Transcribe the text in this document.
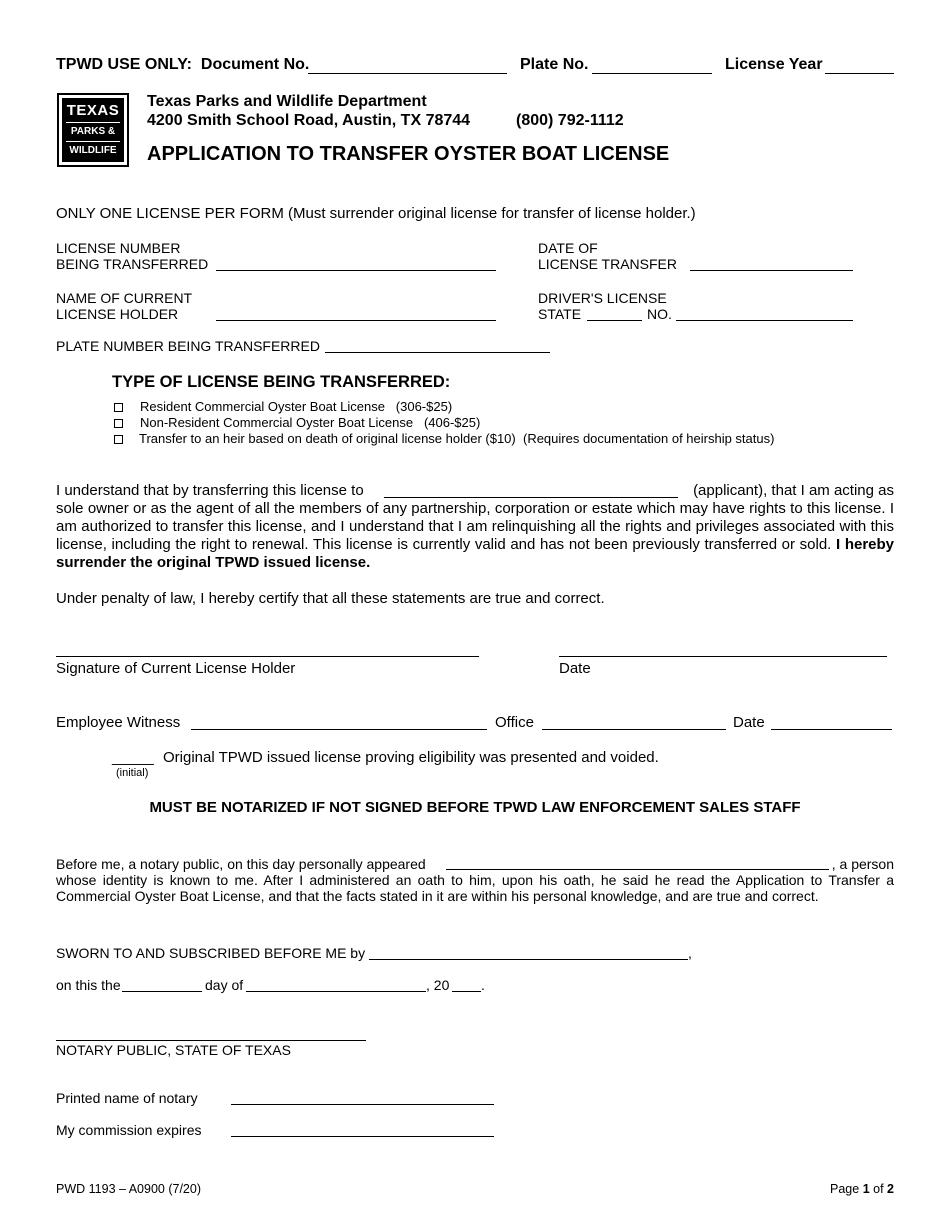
TPWD USE ONLY: Document No.	Plate No.	License Year
TEXAS
PARKS &
WILDLIFE
Texas Parks and Wildlife Department
4200 Smith School Road, Austin, TX 78744	(800) 792-1112
APPLICATION TO TRANSFER OYSTER BOAT LICENSE
ONLY ONE LICENSE PER FORM (Must surrender original license for transfer of license holder.)
LICENSE NUMBER
BEING TRANSFERRED
DATE OF
LICENSE TRANSFER
NAME OF CURRENT
LICENSE HOLDER
DRIVER'S LICENSE
STATE	NO.
PLATE NUMBER BEING TRANSFERRED
TYPE OF LICENSE BEING TRANSFERRED:
Resident Commercial Oyster Boat License (306-$25)
Non-Resident Commercial Oyster Boat License (406-$25)
Transfer to an heir based on death of original license holder ($10) (Requires documentation of heirship status)
I understand that by transferring this license to	(applicant), that I am acting as
sole owner or as the agent of all the members of any partnership, corporation or estate which may have rights to this license. I am authorized to transfer this license, and I understand that I am relinquishing all the rights and privileges associated with this license, including the right to renewal. This license is currently valid and has not been previously transferred or sold. I hereby surrender the original TPWD issued license.
Under penalty of law, I hereby certify that all these statements are true and correct.
Signature of Current License Holder	Date
Employee Witness	Office	Date
_____ Original TPWD issued license proving eligibility was presented and voided.
(initial)
MUST BE NOTARIZED IF NOT SIGNED BEFORE TPWD LAW ENFORCEMENT SALES STAFF
Before me, a notary public, on this day personally appeared	, a person
whose identity is known to me. After I administered an oath to him, upon his oath, he said he read the Application to Transfer a Commercial Oyster Boat License, and that the facts stated in it are within his personal knowledge, and are true and correct.
SWORN TO AND SUBSCRIBED BEFORE ME by	,
on this the	day of	, 20 .
NOTARY PUBLIC, STATE OF TEXAS
Printed name of notary
My commission expires
PWD 1193 – A0900 (7/20)	Page 1 of 2
